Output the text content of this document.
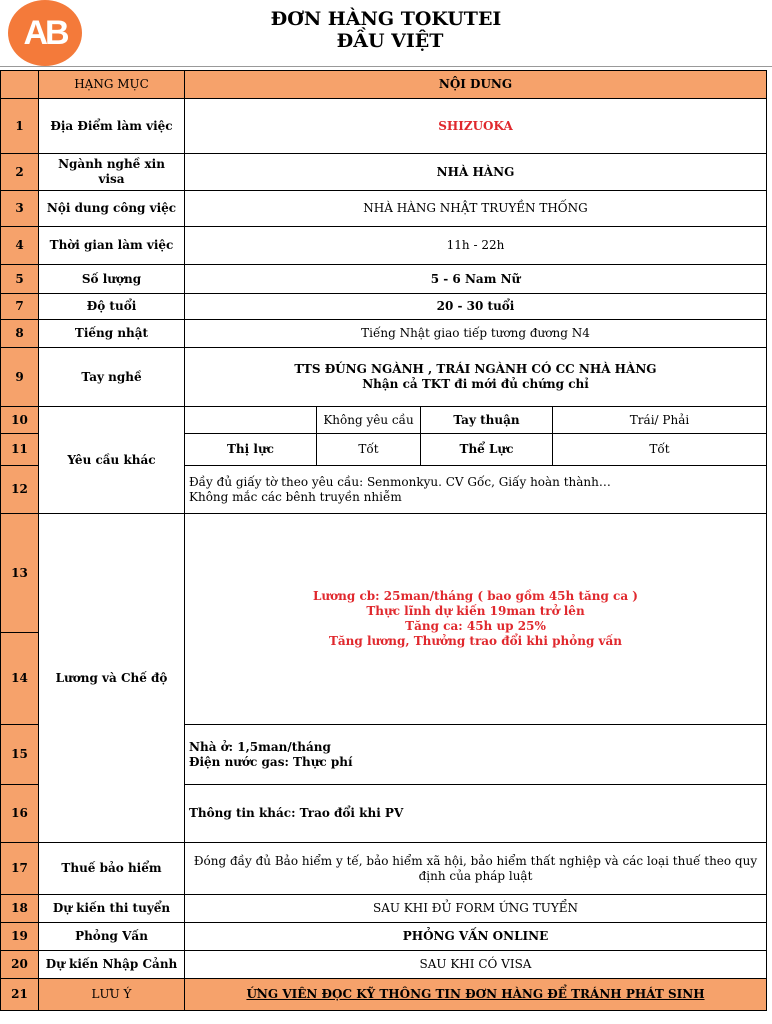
AB	ĐƠN HÀNG TOKUTEI
ĐẦU VIỆT
	HẠNG MỤC	NỘI DUNG			
1	Địa Điểm làm việc	SHIZUOKA			
2	Ngành nghề xin visa	NHÀ HÀNG			
3	Nội dung công việc	NHÀ HÀNG NHẬT TRUYỀN THỐNG			
4	Thời gian làm việc	11h - 22h			
5	Số lượng	5 - 6 Nam Nữ			
7	Độ tuổi	20 - 30 tuổi			
8	Tiếng nhật	Tiếng Nhật giao tiếp tương đương N4			
9	Tay nghề	TTS ĐÚNG NGÀNH , TRÁI NGÀNH CÓ CC NHÀ HÀNG
Nhận cả TKT đi mới đủ chứng chỉ			

10	Yêu cầu khác		Không yêu cầu	Tay thuận	Trái/ Phải
11		Thị lực	Tốt	Thể Lực	Tốt
12		Đầy đủ giấy tờ theo yêu cầu: Senmonkyu. CV Gốc, Giấy hoàn thành…
Không mắc các bênh truyền nhiễm			

13	Lương và Chế độ	Lương cb: 25man/tháng ( bao gồm 45h tăng ca )
Thực lĩnh dự kiến 19man trở lên
Tăng ca: 45h up 25%
Tăng lương, Thưởng trao đổi khi phỏng vấn			

14					
15		Nhà ở: 1,5man/tháng
Điện nước gas: Thực phí			

16		Thông tin khác: Trao đổi khi PV			
17	Thuế bảo hiểm	Đóng đầy đủ Bảo hiểm y tế, bảo hiểm xã hội, bảo hiểm thất nghiệp và các loại thuế theo quy định của pháp luật			
18	Dự kiến thi tuyển	SAU KHI ĐỦ FORM ỨNG TUYỂN			
19	Phỏng Vấn	PHỎNG VẤN ONLINE			
20	Dự kiến Nhập Cảnh	SAU KHI CÓ VISA			
21	LƯU Ý	ỨNG VIÊN ĐỌC KỸ THÔNG TIN ĐƠN HÀNG ĐỂ TRÁNH PHÁT SINH			
